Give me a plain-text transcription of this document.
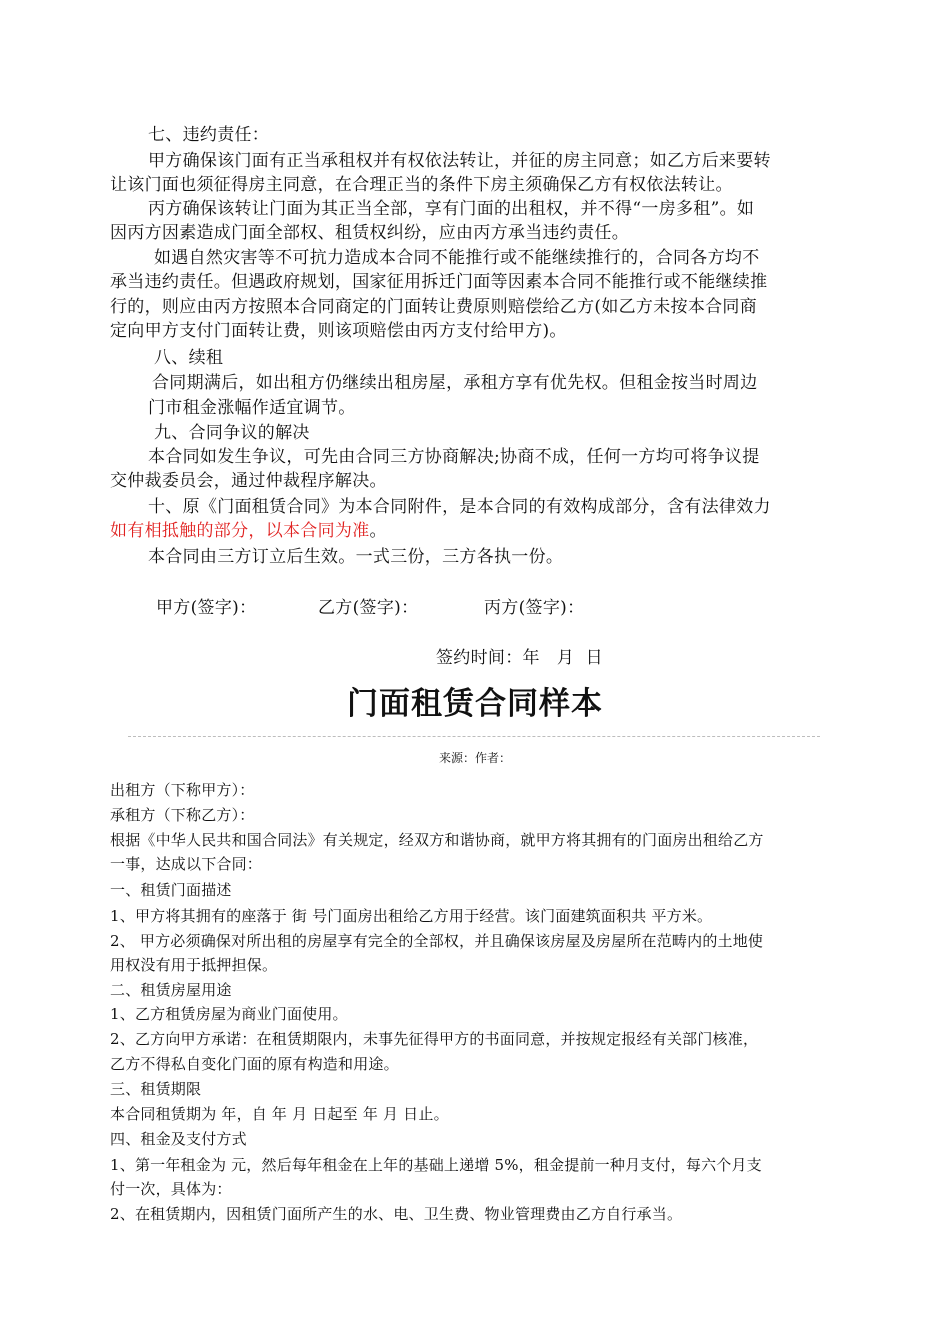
七、违约责任：
甲方确保该门面有正当承租权并有权依法转让，并征的房主同意；如乙方后来要转
让该门面也须征得房主同意，在合理正当的条件下房主须确保乙方有权依法转让。
丙方确保该转让门面为其正当全部，享有门面的出租权，并不得“一房多租”。如
因丙方因素造成门面全部权、租赁权纠纷，应由丙方承当违约责任。
如遇自然灾害等不可抗力造成本合同不能推行或不能继续推行的，合同各方均不
承当违约责任。但遇政府规划，国家征用拆迁门面等因素本合同不能推行或不能继续推
行的，则应由丙方按照本合同商定的门面转让费原则赔偿给乙方(如乙方未按本合同商
定向甲方支付门面转让费，则该项赔偿由丙方支付给甲方)。
八、续租
合同期满后，如出租方仍继续出租房屋，承租方享有优先权。但租金按当时周边
门市租金涨幅作适宜调节。
九、合同争议的解决
本合同如发生争议，可先由合同三方协商解决;协商不成，任何一方均可将争议提
交仲裁委员会，通过仲裁程序解决。
十、原《门面租赁合同》为本合同附件，是本合同的有效构成部分，含有法律效力
如有相抵触的部分，以本合同为准。
本合同由三方订立后生效。一式三份，三方各执一份。
甲方(签字)：	乙方(签字)：	丙方(签字)：
签约时间：年   月  日
门面租赁合同样本
来源：作者：
出租方（下称甲方）：
承租方（下称乙方）：
根据《中华人民共和国合同法》有关规定，经双方和谐协商，就甲方将其拥有的门面房出租给乙方
一事，达成以下合同：
一、租赁门面描述
1、甲方将其拥有的座落于 街 号门面房出租给乙方用于经营。该门面建筑面积共 平方米。
2、 甲方必须确保对所出租的房屋享有完全的全部权，并且确保该房屋及房屋所在范畴内的土地使
用权没有用于抵押担保。
二、租赁房屋用途
1、乙方租赁房屋为商业门面使用。
2、乙方向甲方承诺：在租赁期限内，未事先征得甲方的书面同意，并按规定报经有关部门核准，
乙方不得私自变化门面的原有构造和用途。
三、租赁期限
本合同租赁期为 年，自 年 月 日起至 年 月 日止。
四、租金及支付方式
1、第一年租金为 元，然后每年租金在上年的基础上递增 5%，租金提前一种月支付，每六个月支
付一次，具体为：
2、在租赁期内，因租赁门面所产生的水、电、卫生费、物业管理费由乙方自行承当。
